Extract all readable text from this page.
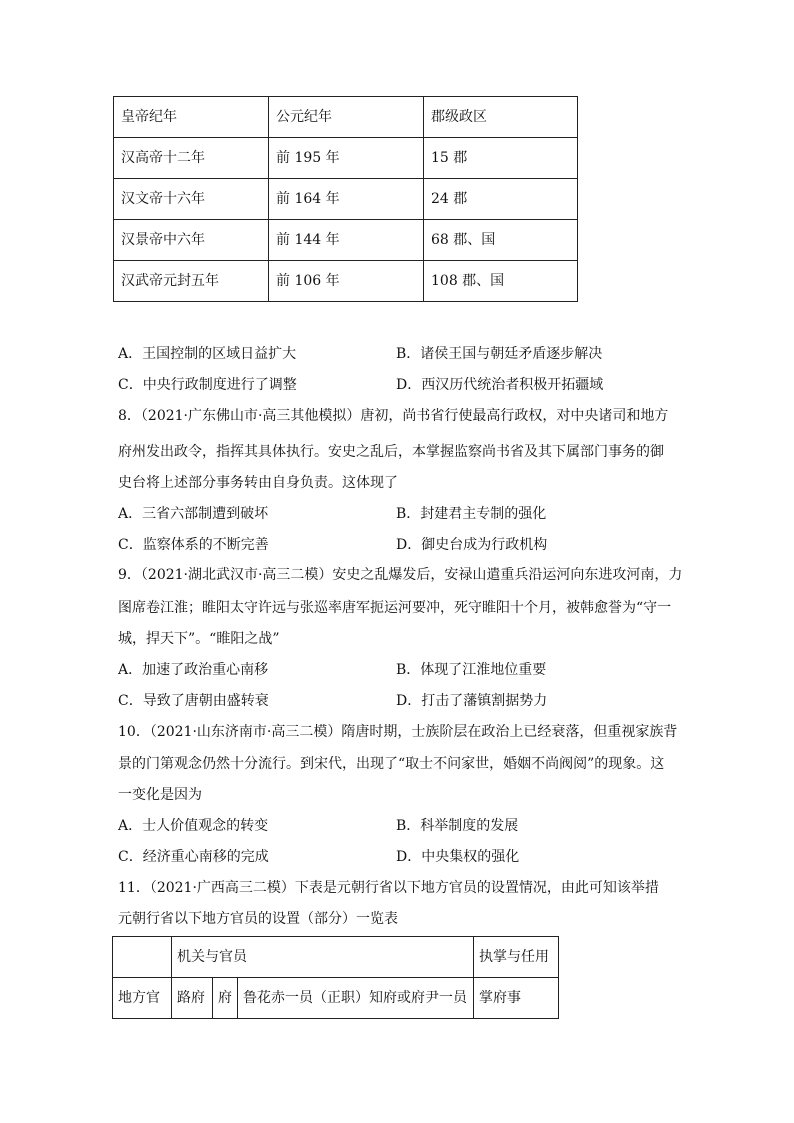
皇帝纪年	公元纪年	郡级政区
汉高帝十二年	前 195 年	15 郡
汉文帝十六年	前 164 年	24 郡
汉景帝中六年	前 144 年	68 郡、国
汉武帝元封五年	前 106 年	108 郡、国
A．王国控制的区域日益扩大	B．诸侯王国与朝廷矛盾逐步解决
C．中央行政制度进行了调整	D．西汉历代统治者积极开拓疆域
8．（2021·广东佛山市·高三其他模拟）唐初，尚书省行使最高行政权，对中央诸司和地方
府州发出政令，指挥其具体执行。安史之乱后，本掌握监察尚书省及其下属部门事务的御
史台将上述部分事务转由自身负责。这体现了
A．三省六部制遭到破坏	B．封建君主专制的强化
C．监察体系的不断完善	D．御史台成为行政机构
9．（2021·湖北武汉市·高三二模）安史之乱爆发后，安禄山遣重兵沿运河向东进攻河南，力
图席卷江淮；睢阳太守许远与张巡率唐军扼运河要冲，死守睢阳十个月，被韩愈誉为“守一
城，捍天下”。“睢阳之战”
A．加速了政治重心南移	B．体现了江淮地位重要
C．导致了唐朝由盛转衰	D．打击了藩镇割据势力
10．（2021·山东济南市·高三二模）隋唐时期，士族阶层在政治上已经衰落，但重视家族背
景的门第观念仍然十分流行。到宋代，出现了“取士不问家世，婚姻不尚阀阅”的现象。这
一变化是因为
A．士人价值观念的转变	B．科举制度的发展
C．经济重心南移的完成	D．中央集权的强化
11．（2021·广西高三二模）下表是元朝行省以下地方官员的设置情况，由此可知该举措
元朝行省以下地方官员的设置（部分）一览表
	机关与官员			执掌与任用
地方官	路府	府	鲁花赤一员（正职）知府或府尹一员	掌府事
